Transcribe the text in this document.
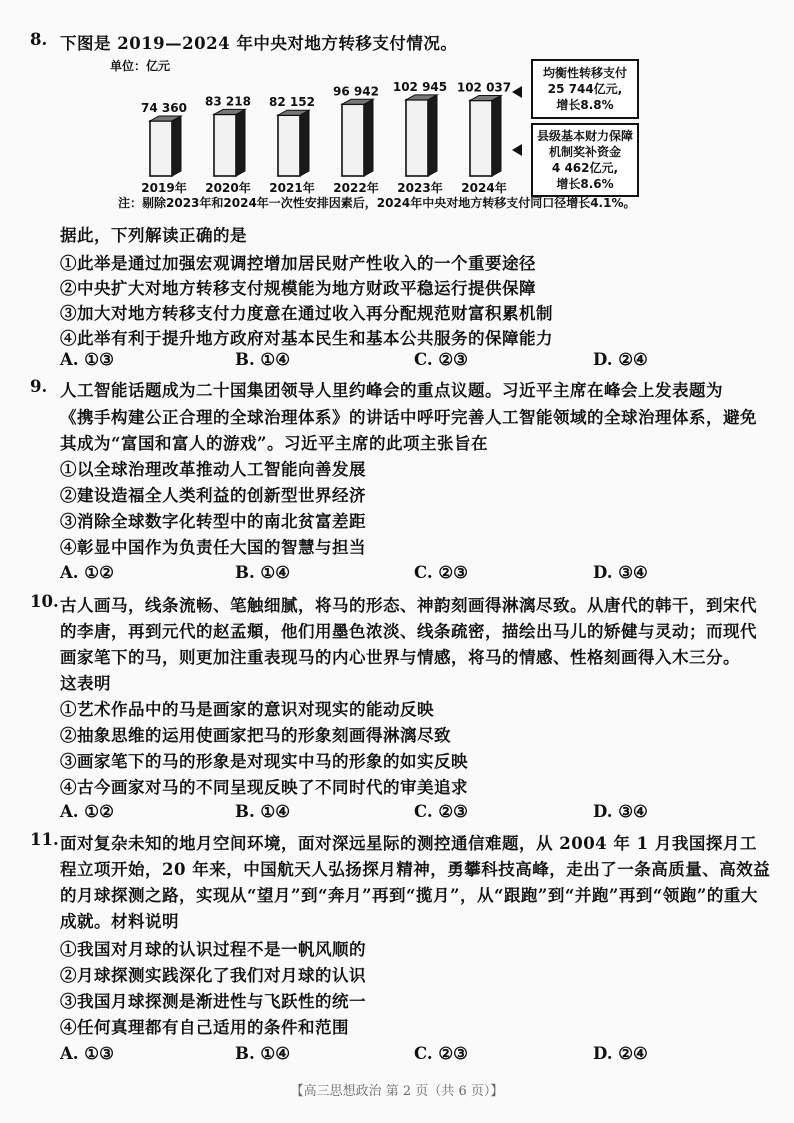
8. 下图是 2019—2024 年中央对地方转移支付情况。
单位：亿元
74 360
2019年
83 218
2020年
82 152
2021年
96 942
2022年
102 945
2023年
102 037
2024年
均衡性转移支付
25 744亿元,
增长8.8%
县级基本财力保障
机制奖补资金
4 462亿元,
增长8.6%
注：剔除2023年和2024年一次性安排因素后，2024年中央对地方转移支付同口径增长4.1%。
据此，下列解读正确的是
①此举是通过加强宏观调控增加居民财产性收入的一个重要途径
②中央扩大对地方转移支付规模能为地方财政平稳运行提供保障
③加大对地方转移支付力度意在通过收入再分配规范财富积累机制
④此举有利于提升地方政府对基本民生和基本公共服务的保障能力
A. ①③	B. ①④	C. ②③	D. ②④
9. 人工智能话题成为二十国集团领导人里约峰会的重点议题。习近平主席在峰会上发表题为
《携手构建公正合理的全球治理体系》的讲话中呼吁完善人工智能领域的全球治理体系，避免
其成为“富国和富人的游戏”。习近平主席的此项主张旨在
①以全球治理改革推动人工智能向善发展
②建设造福全人类利益的创新型世界经济
③消除全球数字化转型中的南北贫富差距
④彰显中国作为负责任大国的智慧与担当
A. ①②	B. ①④	C. ②③	D. ③④
10. 古人画马，线条流畅、笔触细腻，将马的形态、神韵刻画得淋漓尽致。从唐代的韩干，到宋代
的李唐，再到元代的赵孟頫，他们用墨色浓淡、线条疏密，描绘出马儿的矫健与灵动；而现代
画家笔下的马，则更加注重表现马的内心世界与情感，将马的情感、性格刻画得入木三分。
这表明
①艺术作品中的马是画家的意识对现实的能动反映
②抽象思维的运用使画家把马的形象刻画得淋漓尽致
③画家笔下的马的形象是对现实中马的形象的如实反映
④古今画家对马的不同呈现反映了不同时代的审美追求
A. ①②	B. ①④	C. ②③	D. ③④
11. 面对复杂未知的地月空间环境，面对深远星际的测控通信难题，从 2004 年 1 月我国探月工
程立项开始，20 年来，中国航天人弘扬探月精神，勇攀科技高峰，走出了一条高质量、高效益
的月球探测之路，实现从“望月”到“奔月”再到“揽月”，从“跟跑”到“并跑”再到“领跑”的重大
成就。材料说明
①我国对月球的认识过程不是一帆风顺的
②月球探测实践深化了我们对月球的认识
③我国月球探测是渐进性与飞跃性的统一
④任何真理都有自己适用的条件和范围
A. ①③	B. ①④	C. ②③	D. ②④
【高三思想政治 第 2 页（共 6 页）】
